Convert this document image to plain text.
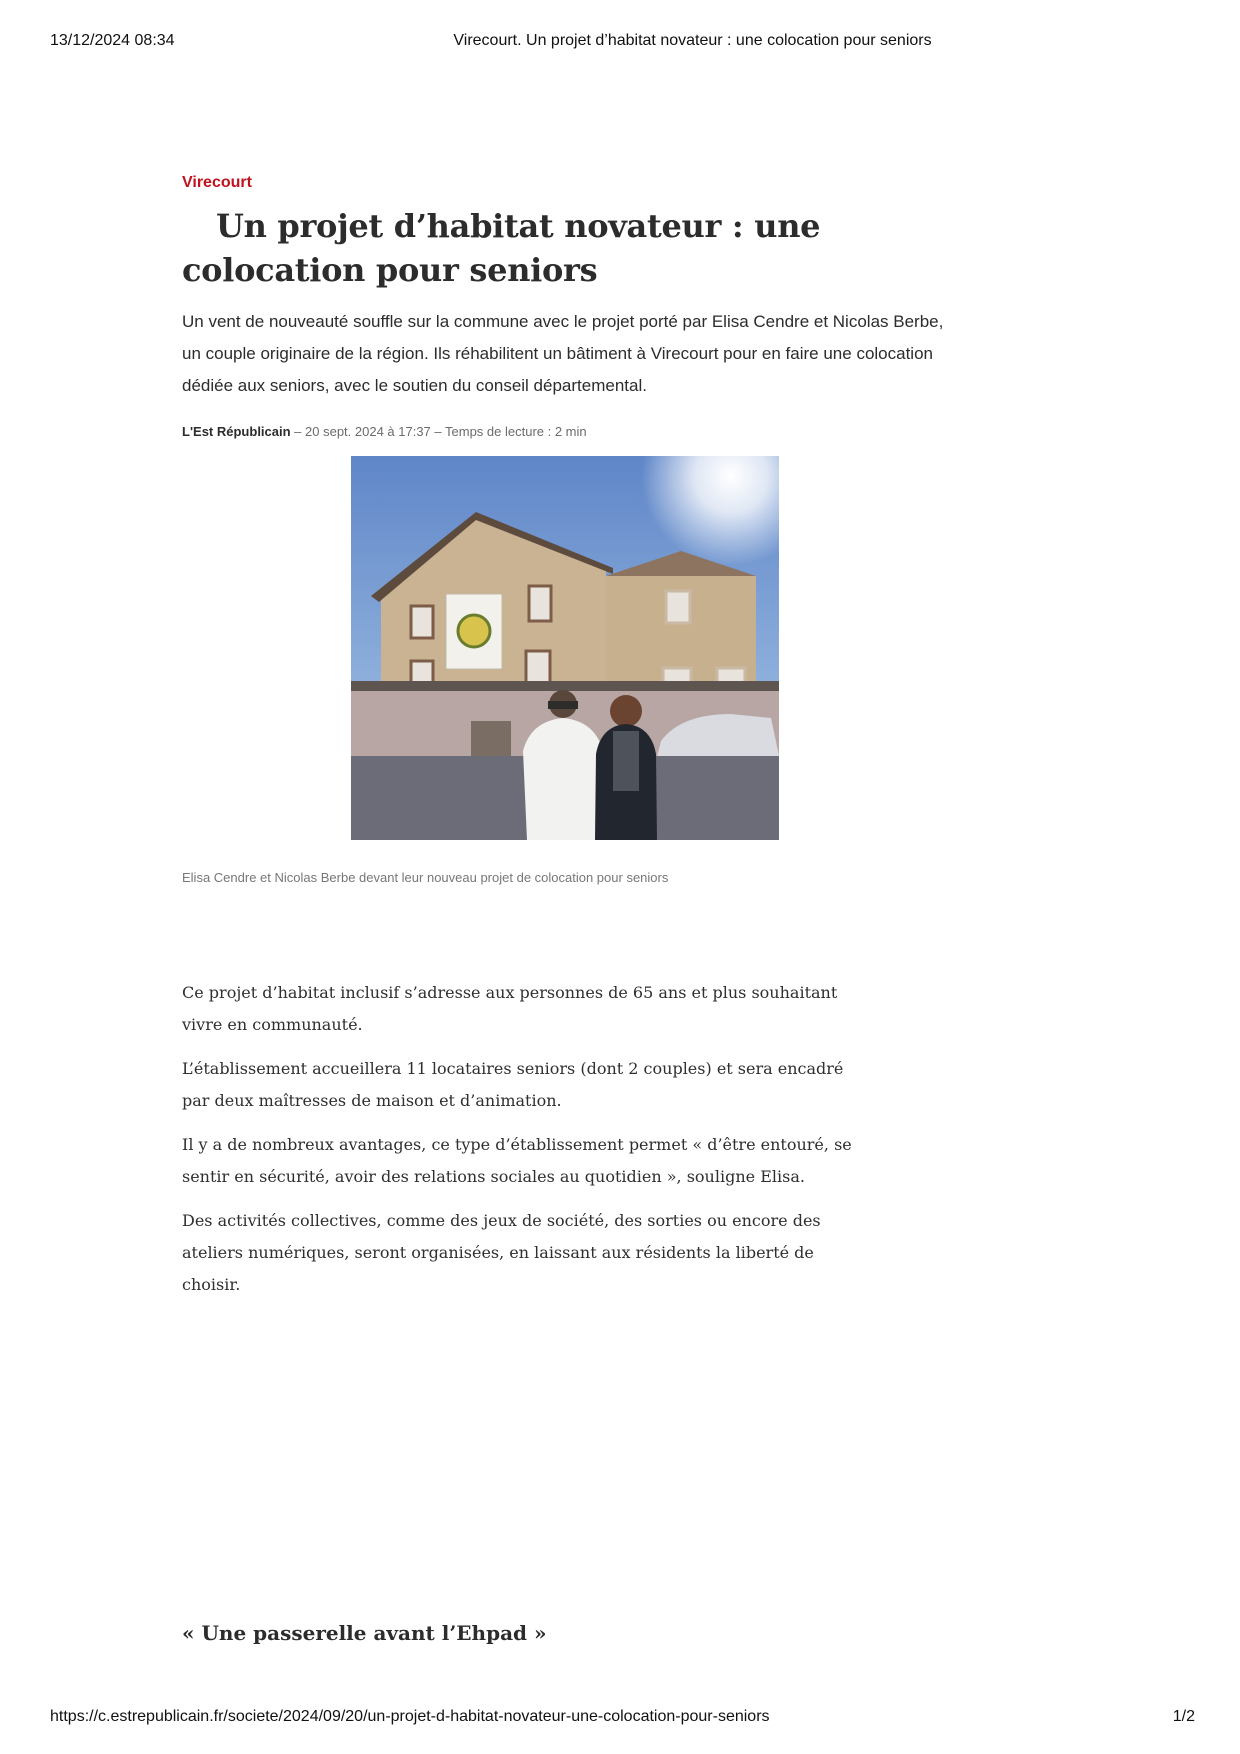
13/12/2024 08:34	Virecourt. Un projet d’habitat novateur : une colocation pour seniors
Virecourt
Un projet d’habitat novateur : une colocation pour seniors

Un vent de nouveauté souffle sur la commune avec le projet porté par Elisa Cendre et Nicolas Berbe, un couple originaire de la région. Ils réhabilitent un bâtiment à Virecourt pour en faire une colocation dédiée aux seniors, avec le soutien du conseil départemental.

L'Est Républicain – 20 sept. 2024 à 17:37 – Temps de lecture : 2 min
Elisa Cendre et Nicolas Berbe devant leur nouveau projet de colocation pour seniors

Ce projet d’habitat inclusif s’adresse aux personnes de 65 ans et plus souhaitant vivre en communauté.

L’établissement accueillera 11 locataires seniors (dont 2 couples) et sera encadré par deux maîtresses de maison et d’animation.

Il y a de nombreux avantages, ce type d’établissement permet « d’être entouré, se sentir en sécurité, avoir des relations sociales au quotidien », souligne Elisa.

Des activités collectives, comme des jeux de société, des sorties ou encore des ateliers numériques, seront organisées, en laissant aux résidents la liberté de choisir.

« Une passerelle avant l’Ehpad »
https://c.estrepublicain.fr/societe/2024/09/20/un-projet-d-habitat-novateur-une-colocation-pour-seniors	1/2
